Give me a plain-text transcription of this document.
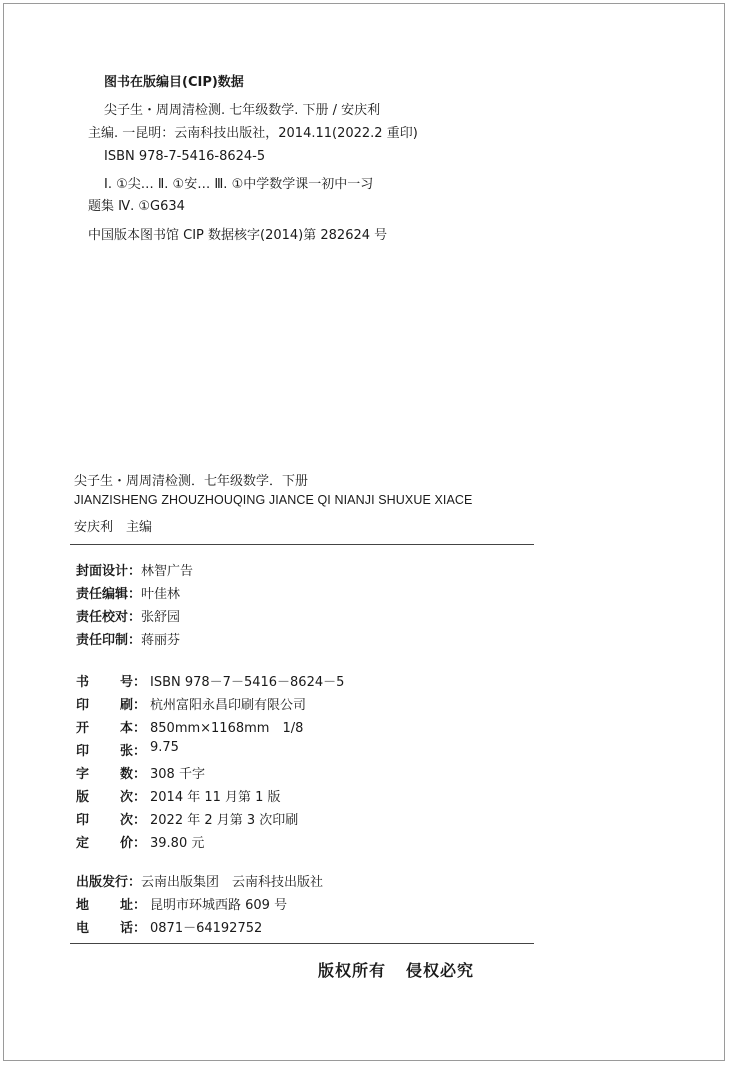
图书在版编目(CIP)数据
尖子生・周周清检测. 七年级数学. 下册 / 安庆利
主编. 一昆明：云南科技出版社，2014.11(2022.2 重印)
ISBN 978-7-5416-8624-5
Ⅰ. ①尖… Ⅱ. ①安… Ⅲ. ①中学数学课一初中一习
题集 Ⅳ. ①G634
中国版本图书馆 CIP 数据核字(2014)第 282624 号
尖子生・周周清检测．七年级数学．下册
JIANZISHENG ZHOUZHOUQING JIANCE QI NIANJI SHUXUE XIACE
安庆利　主编
封面设计： 林智广告
责任编辑： 叶佳林
责任校对： 张舒园
责任印制： 蒋丽芬
书 号 ：	ISBN 978－7－5416－8624－5
印 刷 ：	杭州富阳永昌印刷有限公司
开 本 ：	850mm×1168mm　1/8
印 张 ：	9.75
字 数 ：	308 千字
版 次 ：	2014 年 11 月第 1 版
印 次 ：	2022 年 2 月第 3 次印刷
定 价 ：	39.80 元
出版发行： 云南出版集团　云南科技出版社
地 址 ：	昆明市环城西路 609 号
电 话 ：	0871－64192752
版权所有 侵权必究
